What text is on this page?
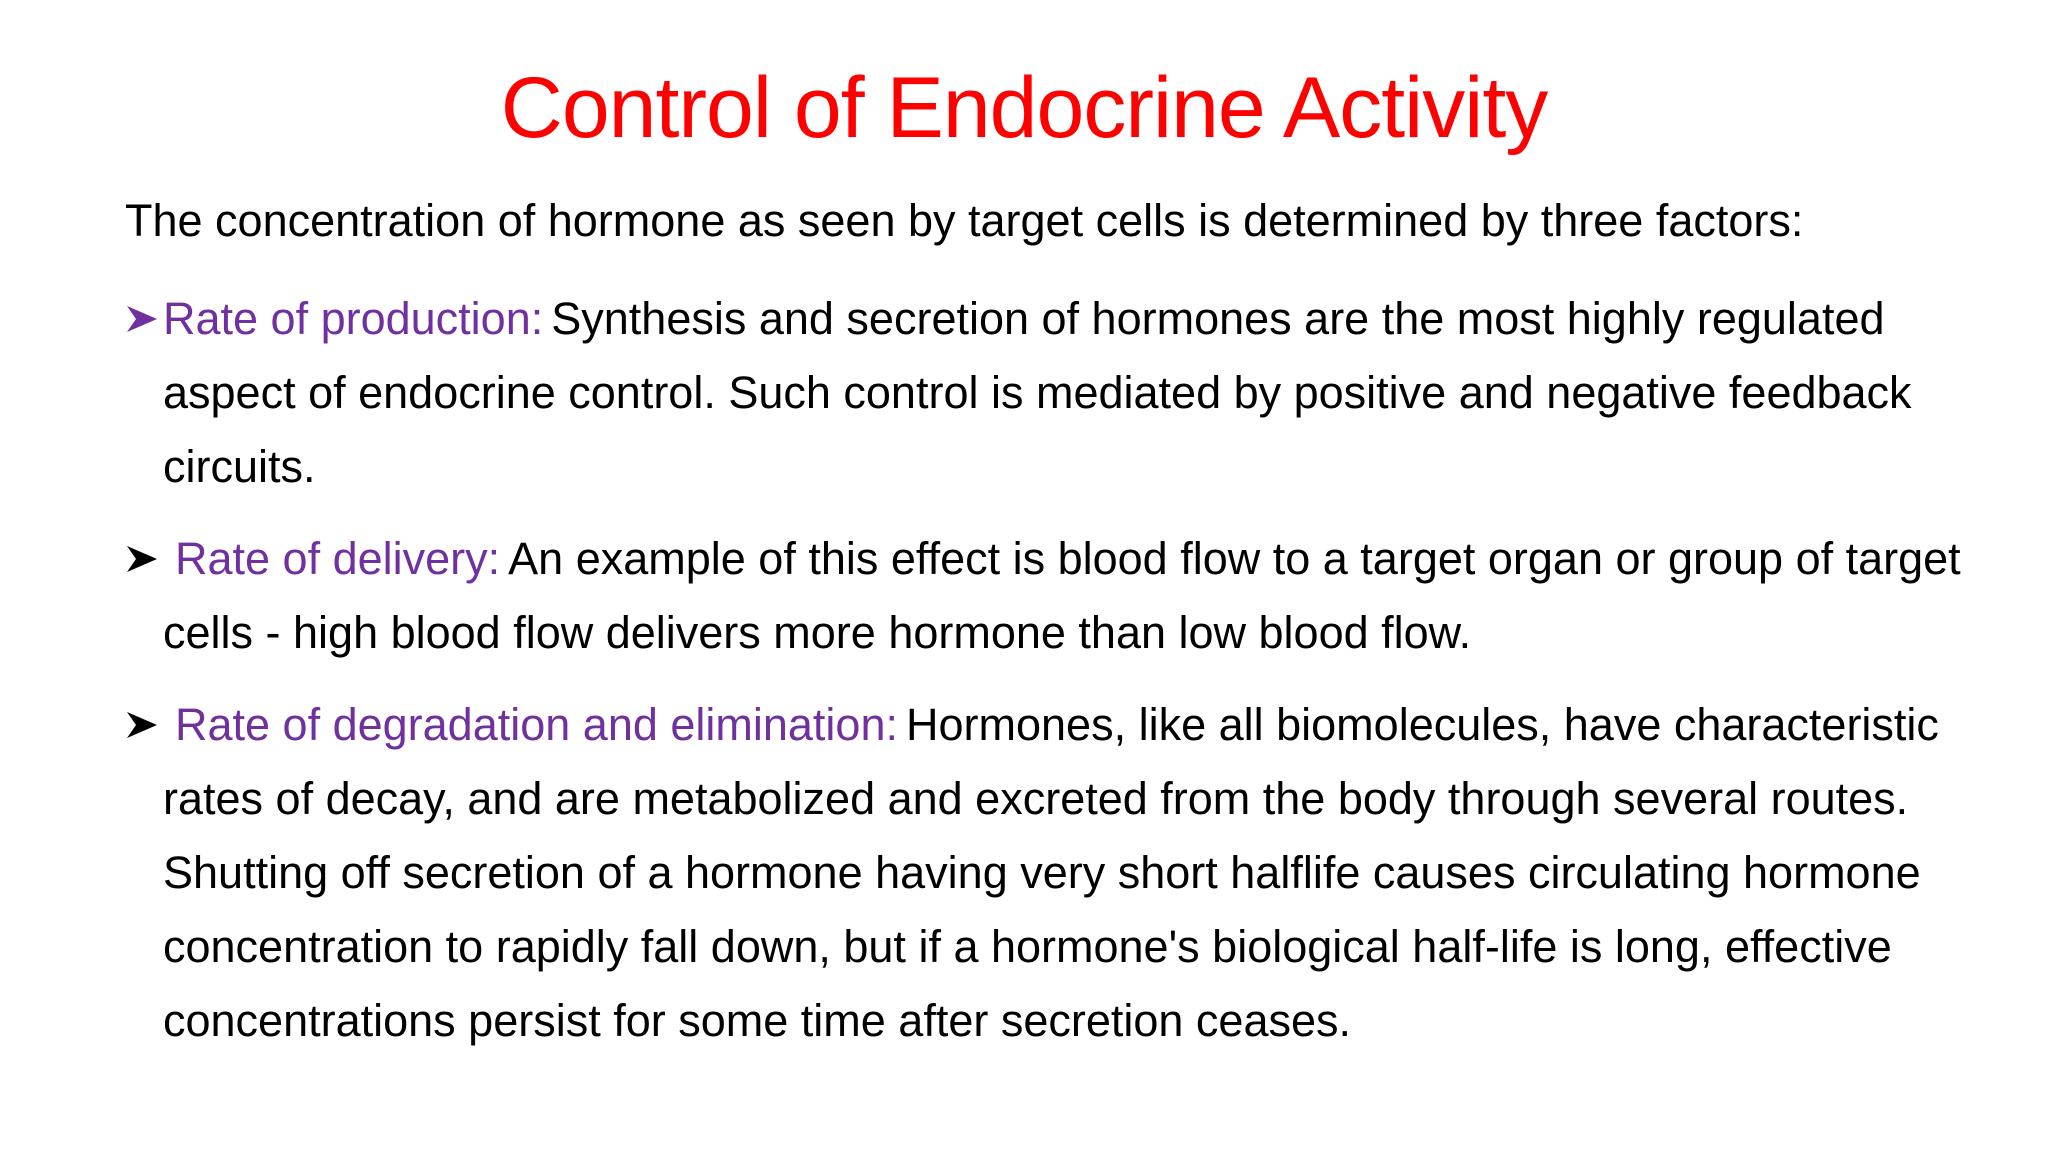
Control of Endocrine Activity
The concentration of hormone as seen by target cells is determined by three factors:
Rate of production: Synthesis and secretion of hormones are the most highly regulated aspect of endocrine control. Such control is mediated by positive and negative feedback circuits.
Rate of delivery: An example of this effect is blood flow to a target organ or group of target cells - high blood flow delivers more hormone than low blood flow.
Rate of degradation and elimination: Hormones, like all biomolecules, have characteristic rates of decay, and are metabolized and excreted from the body through several routes. Shutting off secretion of a hormone having very short halflife causes circulating hormone concentration to rapidly fall down, but if a hormone's biological half-life is long, effective concentrations persist for some time after secretion ceases.
